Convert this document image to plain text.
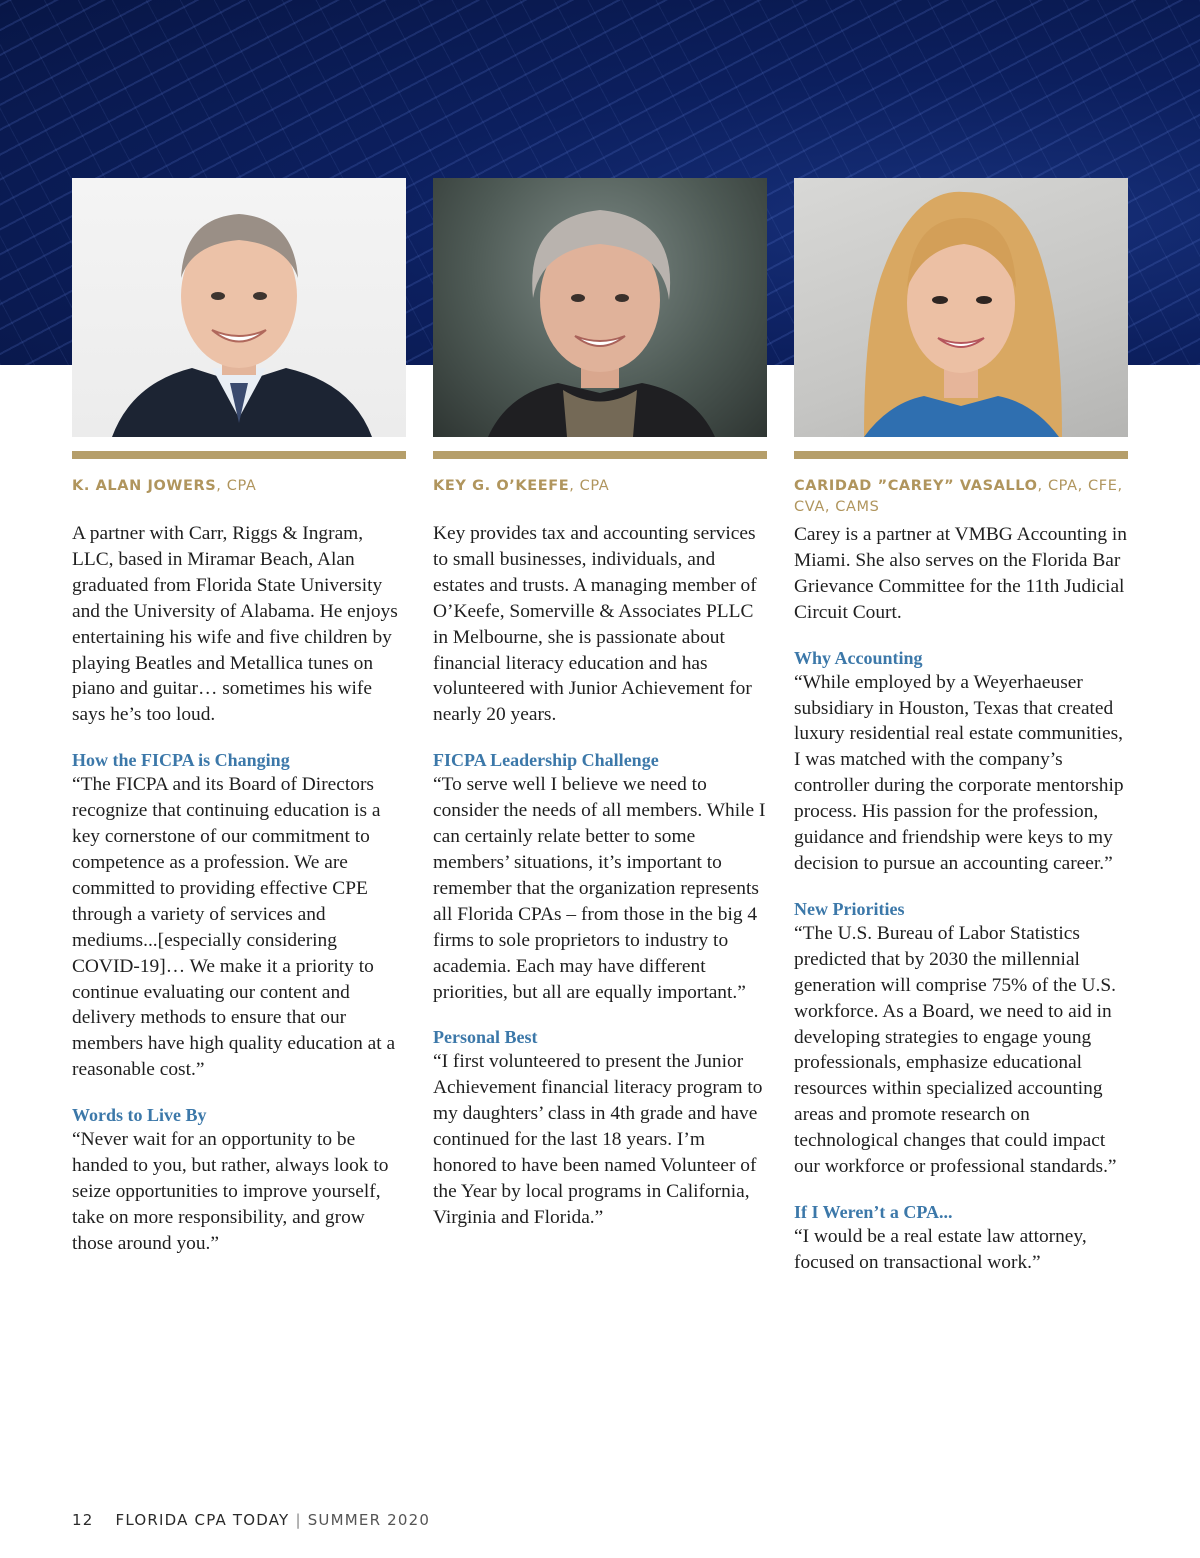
K. ALAN JOWERS, CPA

A partner with Carr, Riggs & Ingram, LLC, based in Miramar Beach, Alan graduated from Florida State University and the University of Alabama. He enjoys entertaining his wife and five children by playing Beatles and Metallica tunes on piano and guitar… sometimes his wife says he’s too loud.

How the FICPA is Changing

“The FICPA and its Board of Directors recognize that continuing education is a key cornerstone of our commitment to competence as a profession. We are committed to providing effective CPE through a variety of services and mediums...[especially considering COVID-19]… We make it a priority to continue evaluating our content and delivery methods to ensure that our members have high quality education at a reasonable cost.”

Words to Live By

“Never wait for an opportunity to be handed to you, but rather, always look to seize opportunities to improve yourself, take on more responsibility, and grow those around you.”

KEY G. O’KEEFE, CPA

Key provides tax and accounting services to small businesses, individuals, and estates and trusts. A managing member of O’Keefe, Somerville & Associates PLLC in Melbourne, she is passionate about financial literacy education and has volunteered with Junior Achievement for nearly 20 years.

FICPA Leadership Challenge

“To serve well I believe we need to consider the needs of all members. While I can certainly relate better to some members’ situations, it’s important to remember that the organization represents all Florida CPAs – from those in the big 4 firms to sole proprietors to industry to academia. Each may have different priorities, but all are equally important.”

Personal Best

“I first volunteered to present the Junior Achievement financial literacy program to my daughters’ class in 4th grade and have continued for the last 18 years. I’m honored to have been named Volunteer of the Year by local programs in California, Virginia and Florida.”

CARIDAD ”CAREY” VASALLO, CPA, CFE, CVA, CAMS

Carey is a partner at VMBG Accounting in Miami. She also serves on the Florida Bar Grievance Committee for the 11th Judicial Circuit Court.

Why Accounting

“While employed by a Weyerhaeuser subsidiary in Houston, Texas that created luxury residential real estate communities, I was matched with the company’s controller during the corporate mentorship process. His passion for the profession, guidance and friendship were keys to my decision to pursue an accounting career.”

New Priorities

“The U.S. Bureau of Labor Statistics predicted that by 2030 the millennial generation will comprise 75% of the U.S. workforce. As a Board, we need to aid in developing strategies to engage young professionals, emphasize educational resources within specialized accounting areas and promote research on technological changes that could impact our workforce or professional standards.”

If I Weren’t a CPA...

“I would be a real estate law attorney, focused on transactional work.”

12 FLORIDA CPA TODAY | SUMMER 2020
